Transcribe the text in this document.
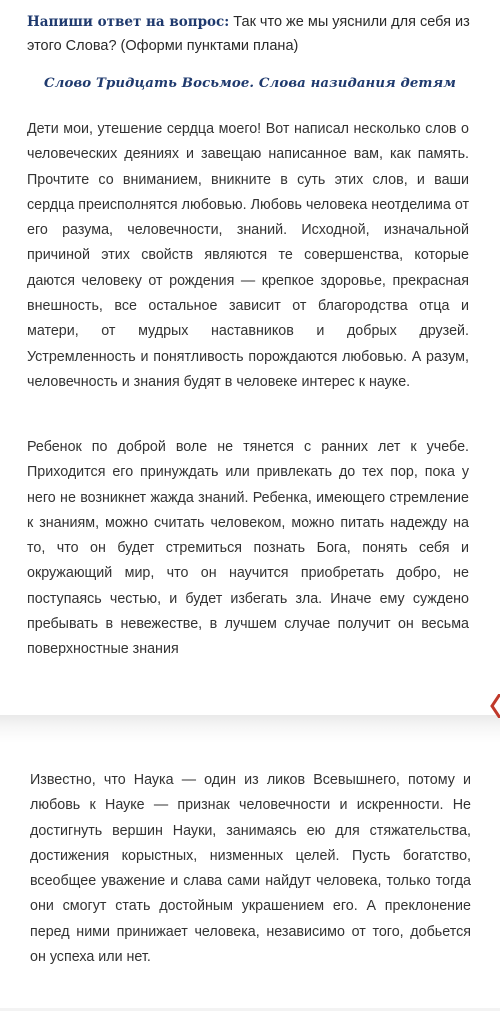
Напиши ответ на вопрос: Так что же мы уяснили для себя из этого Слова? (Оформи пунктами плана)
Слово Тридцать Восьмое. Слова назидания детям
Дети мои, утешение сердца моего! Вот написал несколько слов о человеческих деяниях и завещаю написанное вам, как память. Прочтите со вниманием, вникните в суть этих слов, и ваши сердца преисполнятся любовью. Любовь человека неотделима от его разума, человечности, знаний. Исходной, изначальной причиной этих свойств являются те совершенства, которые даются человеку от рождения — крепкое здоровье, прекрасная внешность, все остальное зависит от благородства отца и матери, от мудрых наставников и добрых друзей. Устремленность и понятливость порождаются любовью. А разум, человечность и знания будят в человеке интерес к науке.
Ребенок по доброй воле не тянется с ранних лет к учебе. Приходится его принуждать или привлекать до тех пор, пока у него не возникнет жажда знаний. Ребенка, имеющего стремление к знаниям, можно считать человеком, можно питать надежду на то, что он будет стремиться познать Бога, понять себя и окружающий мир, что он научится приобретать добро, не поступаясь честью, и будет избегать зла. Иначе ему суждено пребывать в невежестве, в лучшем случае получит он весьма поверхностные знания
Известно, что Наука — один из ликов Всевышнего, потому и любовь к Науке — признак человечности и искренности. Не достигнуть вершин Науки, занимаясь ею для стяжательства, достижения корыстных, низменных целей. Пусть богатство, всеобщее уважение и слава сами найдут человека, только тогда они смогут стать достойным украшением его. А преклонение перед ними принижает человека, независимо от того, добьется он успеха или нет.
